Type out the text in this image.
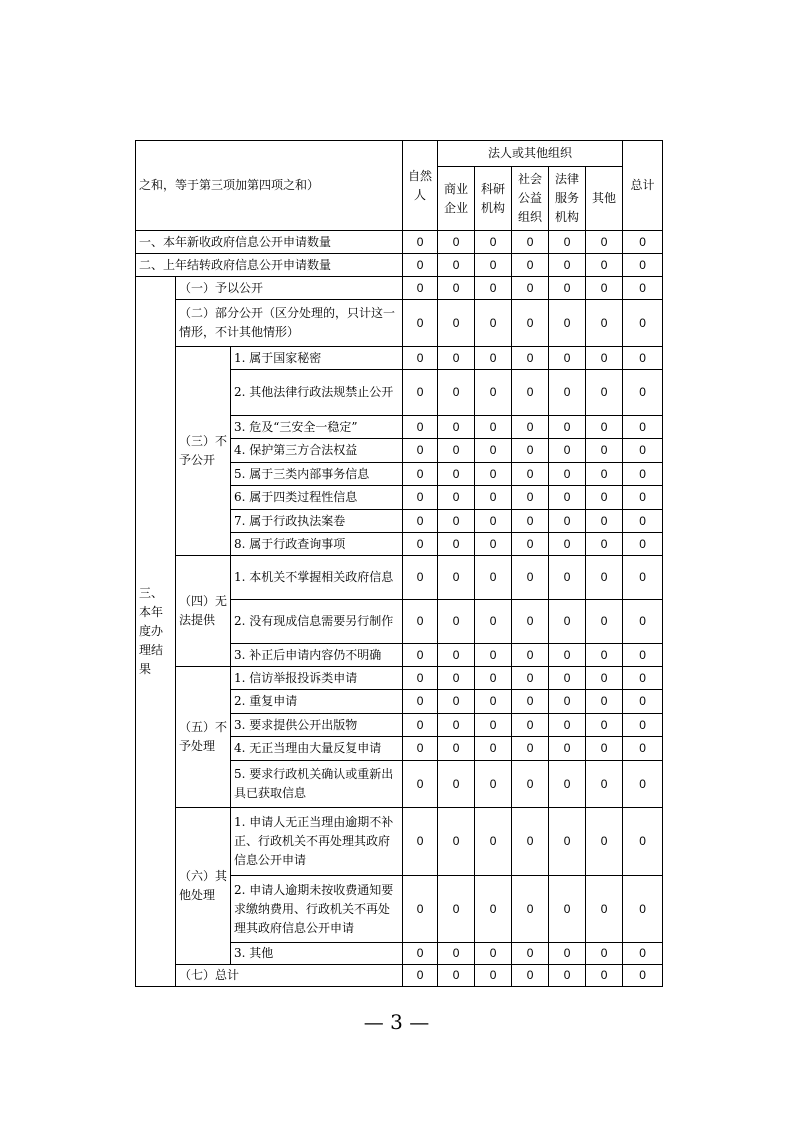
之和，等于第三项加第四项之和）			自然人	法人或其他组织					总计
				商业企业	科研机构	社会公益组织	法律服务机构	其他	
一、本年新收政府信息公开申请数量			0	0	0	0	0	0	0
二、上年结转政府信息公开申请数量			0	0	0	0	0	0	0
三、本年度办理结果	（一）予以公开		0	0	0	0	0	0	0
	（二）部分公开（区分处理的，只计这一情形，不计其他情形）		0	0	0	0	0	0	0
	（三）不予公开	1. 属于国家秘密	0	0	0	0	0	0	0
		2. 其他法律行政法规禁止公开	0	0	0	0	0	0	0
		3. 危及“三安全一稳定”	0	0	0	0	0	0	0
		4. 保护第三方合法权益	0	0	0	0	0	0	0
		5. 属于三类内部事务信息	0	0	0	0	0	0	0
		6. 属于四类过程性信息	0	0	0	0	0	0	0
		7. 属于行政执法案卷	0	0	0	0	0	0	0
		8. 属于行政查询事项	0	0	0	0	0	0	0
	（四）无法提供	1. 本机关不掌握相关政府信息	0	0	0	0	0	0	0
		2. 没有现成信息需要另行制作	0	0	0	0	0	0	0
		3. 补正后申请内容仍不明确	0	0	0	0	0	0	0
	（五）不予处理	1. 信访举报投诉类申请	0	0	0	0	0	0	0
		2. 重复申请	0	0	0	0	0	0	0
		3. 要求提供公开出版物	0	0	0	0	0	0	0
		4. 无正当理由大量反复申请	0	0	0	0	0	0	0
		5. 要求行政机关确认或重新出具已获取信息	0	0	0	0	0	0	0
	（六）其他处理	1. 申请人无正当理由逾期不补正、行政机关不再处理其政府信息公开申请	0	0	0	0	0	0	0
		2. 申请人逾期未按收费通知要求缴纳费用、行政机关不再处理其政府信息公开申请	0	0	0	0	0	0	0
		3. 其他	0	0	0	0	0	0	0
	（七）总计		0	0	0	0	0	0	0
— 3 —
